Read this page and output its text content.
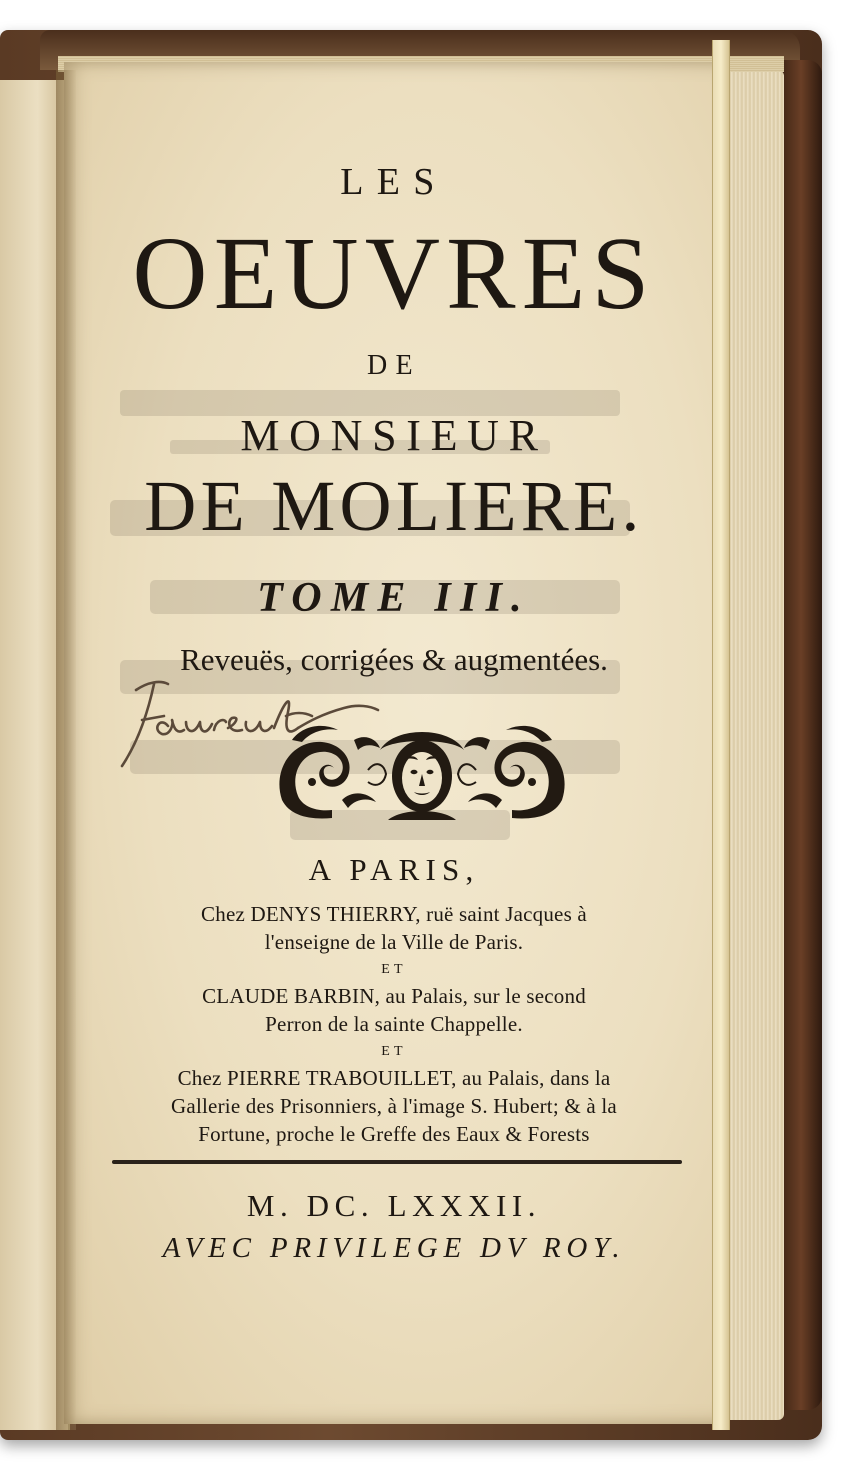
LES
OEUVRES
DE
MONSIEUR
DE MOLIERE.
TOME III.
Reveuës, corrigées & augmentées.
A PARIS,
Chez DENYS THIERRY, ruë saint Jacques à
l'enseigne de la Ville de Paris.
ET
CLAUDE BARBIN, au Palais, sur le second
Perron de la sainte Chappelle.
ET
Chez PIERRE TRABOUILLET, au Palais, dans la
Gallerie des Prisonniers, à l'image S. Hubert; & à la
Fortune, proche le Greffe des Eaux & Forests
M. DC. LXXXII.
AVEC PRIVILEGE DV ROY.
